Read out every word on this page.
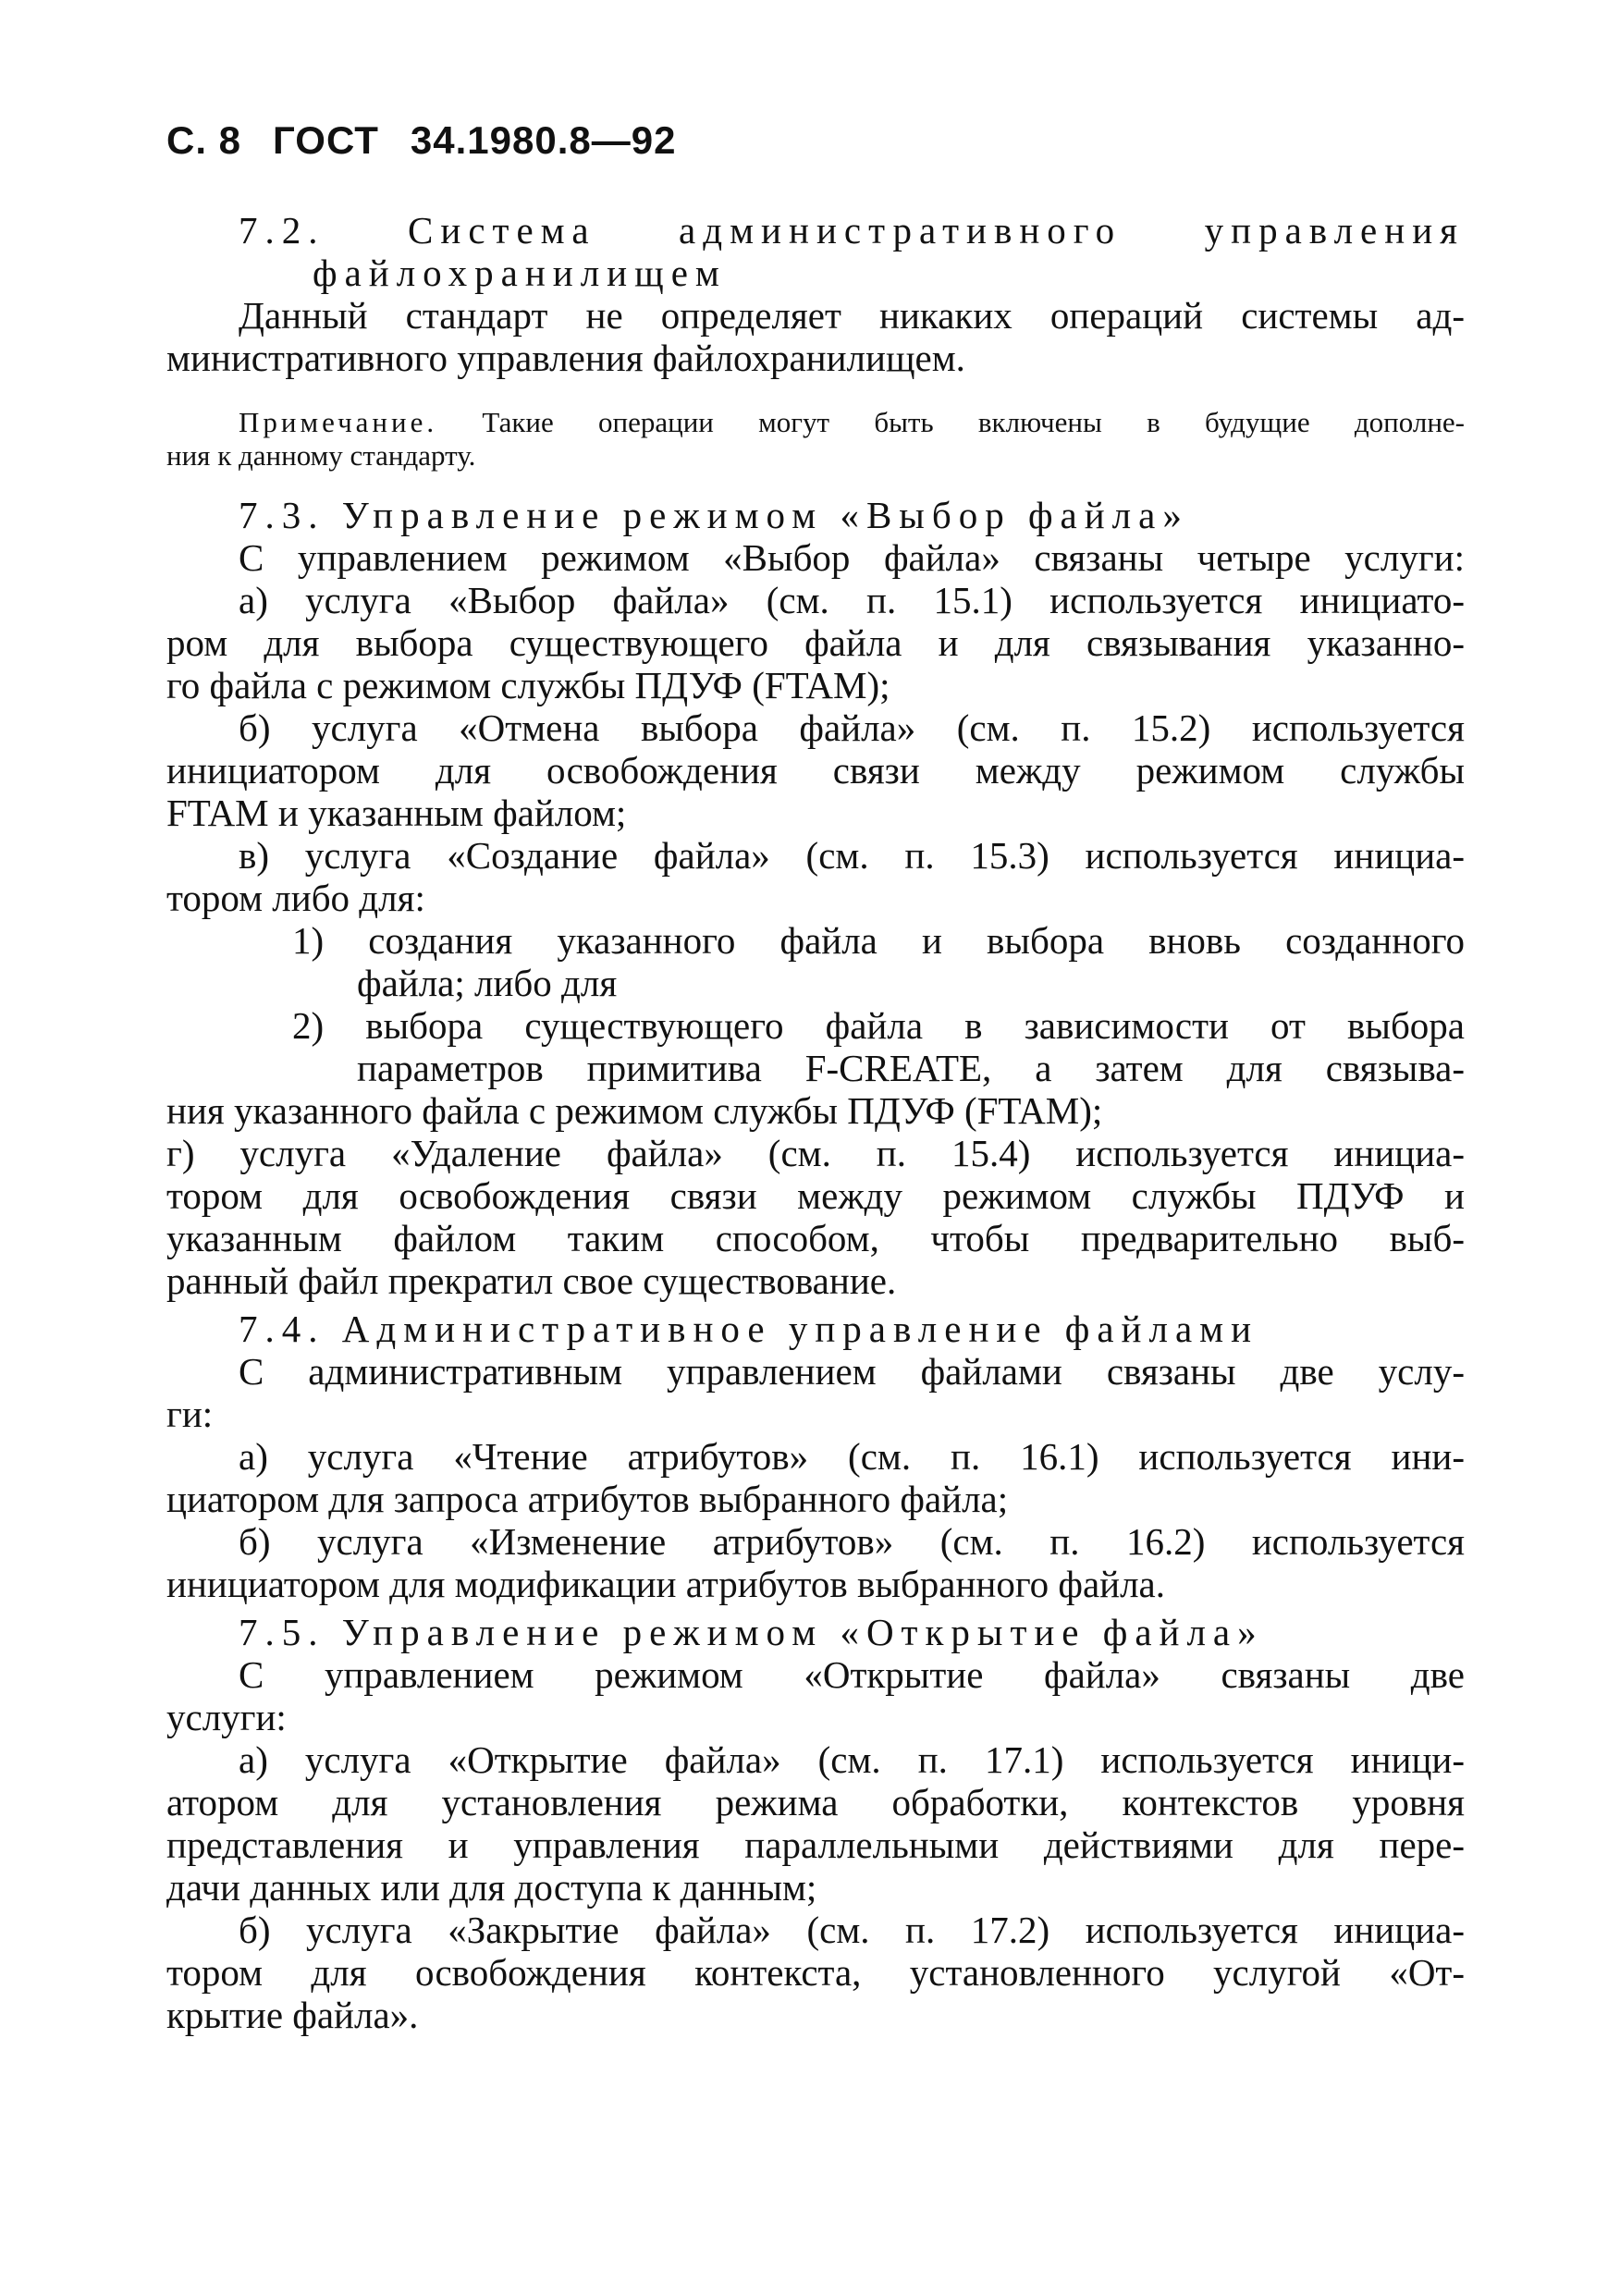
С. 8 ГОСТ 34.1980.8—92
7.2. Система административного управления
файлохранилищем
Данный стандарт не определяет никаких операций системы ад-
министративного управления файлохранилищем.
Примечание. Такие операции могут быть включены в будущие дополне-
ния к данному стандарту.
7.3. Управление режимом «Выбор файла»
С управлением режимом «Выбор файла» связаны четыре услуги:
а) услуга «Выбор файла» (см. п. 15.1) используется инициато-
ром для выбора существующего файла и для связывания указанно-
го файла с режимом службы ПДУФ (FTAM);
б) услуга «Отмена выбора файла» (см. п. 15.2) используется
инициатором для освобождения связи между режимом службы
FTAM и указанным файлом;
в) услуга «Создание файла» (см. п. 15.3) используется инициа-
тором либо для:
1) создания указанного файла и выбора вновь созданного
файла; либо для
2) выбора существующего файла в зависимости от выбора
параметров примитива F-CREATE, а затем для связыва-
ния указанного файла с режимом службы ПДУФ (FTAM);
г) услуга «Удаление файла» (см. п. 15.4) используется инициа-
тором для освобождения связи между режимом службы ПДУФ и
указанным файлом таким способом, чтобы предварительно выб-
ранный файл прекратил свое существование.
7.4. Административное управление файлами
С административным управлением файлами связаны две услу-
ги:
а) услуга «Чтение атрибутов» (см. п. 16.1) используется ини-
циатором для запроса атрибутов выбранного файла;
б) услуга «Изменение атрибутов» (см. п. 16.2) используется
инициатором для модификации атрибутов выбранного файла.
7.5. Управление режимом «Открытие файла»
С управлением режимом «Открытие файла» связаны две
услуги:
а) услуга «Открытие файла» (см. п. 17.1) используется иници-
атором для установления режима обработки, контекстов уровня
представления и управления параллельными действиями для пере-
дачи данных или для доступа к данным;
б) услуга «Закрытие файла» (см. п. 17.2) используется инициа-
тором для освобождения контекста, установленного услугой «От-
крытие файла».
